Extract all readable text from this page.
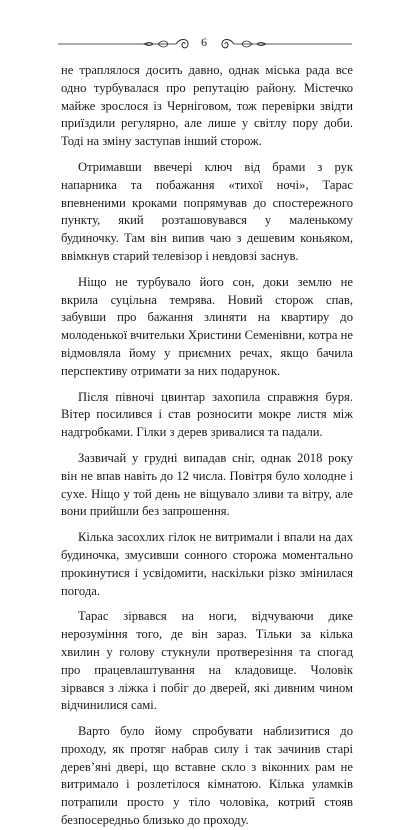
6

не траплялося досить давно, однак міська рада все одно турбувалася про репутацію району. Містечко майже зрослося із Черніговом, тож перевірки звідти приїздили регулярно, але лише у світлу пору доби. Тоді на зміну заступав інший сторож.

Отримавши ввечері ключ від брами з рук напарника та побажання «тихої ночі», Тарас впевненими кроками попрямував до спостережного пункту, який розташовувався у маленькому будиночку. Там він випив чаю з дешевим коньяком, ввімкнув старий телевізор і невдовзі заснув.

Ніщо не турбувало його сон, доки землю не вкрила суцільна темрява. Новий сторож спав, забувши про бажання злиняти на квартиру до молоденької вчительки Христини Семенівни, котра не відмовляла йому у приємних речах, якщо бачила перспективу отримати за них подарунок.

Після півночі цвинтар захопила справжня буря. Вітер посилився і став розносити мокре листя між надгробками. Гілки з дерев зривалися та падали.

Зазвичай у грудні випадав сніг, однак 2018 року він не впав навіть до 12 числа. Повітря було холодне і сухе. Ніщо у той день не віщувало зливи та вітру, але вони прийшли без запрошення.

Кілька засохлих гілок не витримали і впали на дах будиночка, змусивши сонного сторожа моментально прокинутися і усвідомити, наскільки різко змінилася погода.

Тарас зірвався на ноги, відчуваючи дике нерозуміння того, де він зараз. Тільки за кілька хвилин у голову стукнули протверезіння та спогад про працевлаштування на кладовище. Чоловік зірвався з ліжка і побіг до дверей, які дивним чином відчинилися самі.

Варто було йому спробувати наблизитися до проходу, як протяг набрав силу і так зачинив старі дерев’яні двері, що вставне скло з віконних рам не витримало і розлетілося кімнатою. Кілька уламків потрапили просто у тіло чоловіка, котрий стояв безпосередньо близько до проходу.
